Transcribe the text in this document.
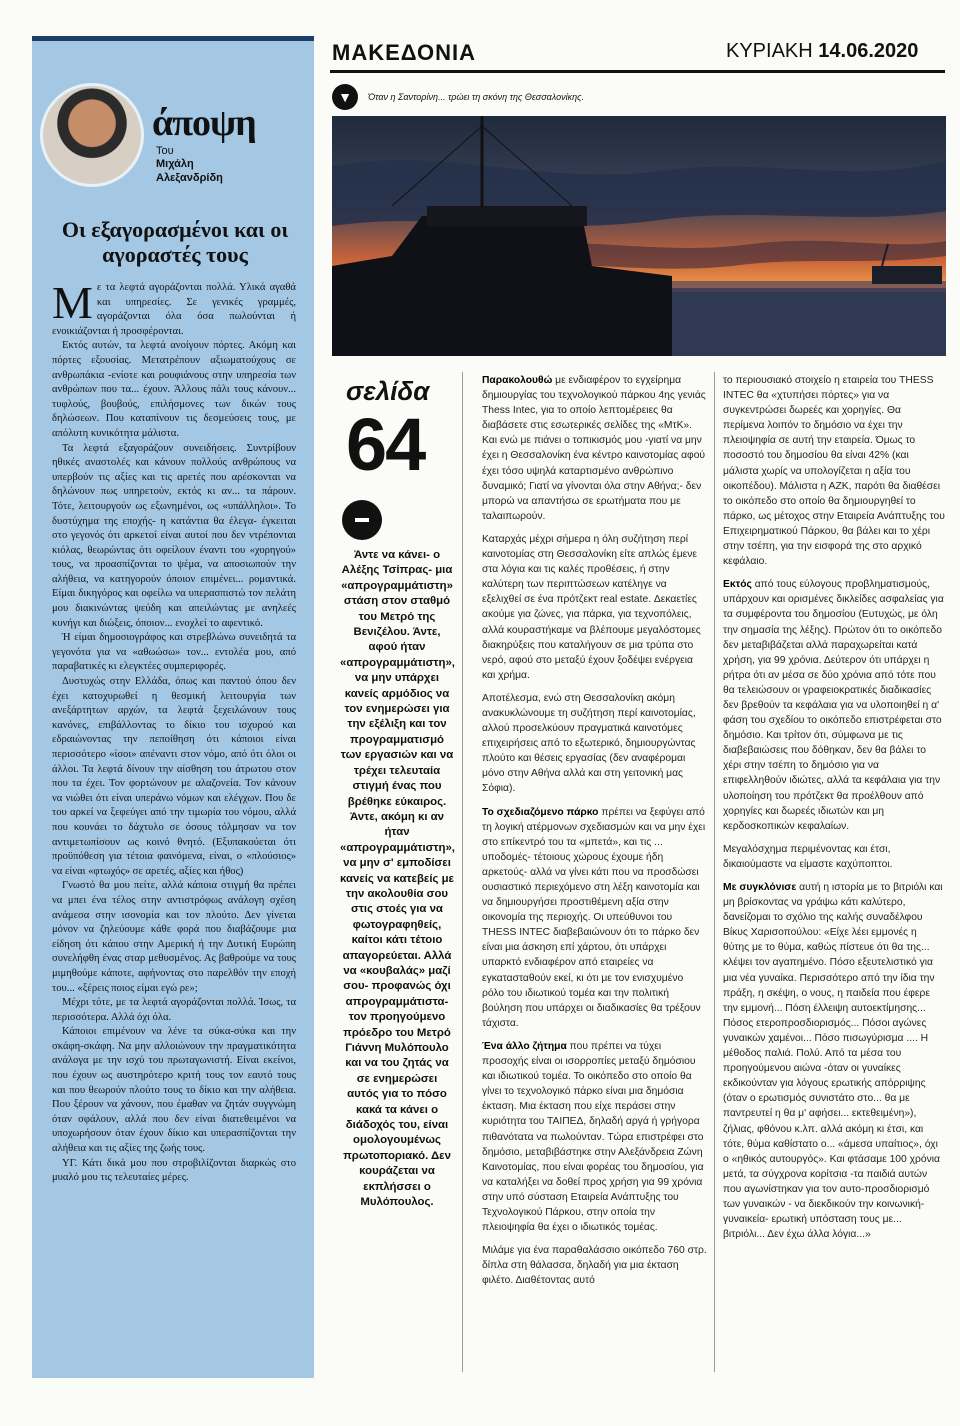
άποψη
Του
Μιχάλη
Αλεξανδρίδη
Οι εξαγορασμένοι και οι αγοραστές τους

Με τα λεφτά αγοράζονται πολλά. Υλικά αγαθά και υπηρεσίες. Σε γενικές γραμμές, αγοράζονται όλα όσα πωλούνται ή ενοικιάζονται ή προσφέρονται.

Εκτός αυτών, τα λεφτά ανοίγουν πόρτες. Ακόμη και πόρτες εξουσίας. Μετατρέπουν αξιωματούχους σε ανθρωπάκια -ενίοτε και ρουφιάνους στην υπηρεσία των ανθρώπων που τα... έχουν. Άλλους πάλι τους κάνουν... τυφλούς, βουβούς, επιλήσμονες των δικών τους δηλώσεων. Που καταπίνουν τις δεσμεύσεις τους, με απόλυτη κυνικότητα μάλιστα.

Τα λεφτά εξαγοράζουν συνειδήσεις. Συντρίβουν ηθικές αναστολές και κάνουν πολλούς ανθρώπους να υπερβούν τις αξίες και τις αρετές που αρέσκονται να δηλώνουν πως υπηρετούν, εκτός κι αν... τα πάρουν. Τότε, λειτουργούν ως εξωνημένοι, ως «υπάλληλοι». Το δυστύχημα της εποχής- η κατάντια θα έλεγα- έγκειται στο γεγονός ότι αρκετοί είναι αυτοί που δεν ντρέπονται κιόλας, θεωρώντας ότι οφείλουν έναντι του «χορηγού» τους, να προασπίζονται το ψέμα, να αποσιωπούν την αλήθεια, να κατηγορούν όποιον επιμένει... ρομαντικά. Είμαι δικηγόρος και οφείλω να υπερασπιστώ τον πελάτη μου διακινώντας ψεύδη και απειλώντας με ανηλεές κυνήγι και διώξεις, όποιον... ενοχλεί το αφεντικό.

Ή είμαι δημοσιογράφος και στρεβλώνω συνειδητά τα γεγονότα για να «αθωώσω» τον... εντολέα μου, από παραβατικές κι ελεγκτέες συμπεριφορές.

Δυστυχώς στην Ελλάδα, όπως και παντού όπου δεν έχει κατοχυρωθεί η θεσμική λειτουργία των ανεξάρτητων αρχών, τα λεφτά ξεχειλώνουν τους κανόνες, επιβάλλοντας το δίκιο του ισχυρού και εδραιώνοντας την πεποίθηση ότι κάποιοι είναι περισσότερο «ίσοι» απέναντι στον νόμο, από ότι όλοι οι άλλοι. Τα λεφτά δίνουν την αίσθηση του άτρωτου στον που τα έχει. Τον φορτώνουν με αλαζονεία. Τον κάνουν να νιώθει ότι είναι υπεράνω νόμων και ελέγχων. Που δε του αρκεί να ξεφεύγει από την τιμωρία του νόμου, αλλά που κουνάει το δάχτυλο σε όσους τόλμησαν να τον αντιμετωπίσουν ως κοινό θνητό. (Εξυπακούεται ότι προϋπόθεση για τέτοια φαινόμενα, είναι, ο «πλούσιος» να είναι «φτωχός» σε αρετές, αξίες και ήθος)

Γνωστό θα μου πείτε, αλλά κάποια στιγμή θα πρέπει να μπει ένα τέλος στην αντιστρόφως ανάλογη σχέση ανάμεσα στην ισονομία και τον πλούτο. Δεν γίνεται μόνον να ζηλεύουμε κάθε φορά που διαβάζουμε μια είδηση ότι κάπου στην Αμερική ή την Δυτική Ευρώπη συνελήφθη ένας σταρ μεθυσμένος. Ας βαθρούμε να τους μιμηθούμε κάποτε, αφήνοντας στο παρελθόν την εποχή του... «ξέρεις ποιος είμαι εγώ ρε»;

Μέχρι τότε, με τα λεφτά αγοράζονται πολλά. Ίσως, τα περισσότερα. Αλλά όχι όλα.

Κάποιοι επιμένουν να λένε τα σύκα-σύκα και την σκάφη-σκάφη. Να μην αλλοιώνουν την πραγματικότητα ανάλογα με την ισχύ του πρωταγωνιστή. Είναι εκείνοι, που έχουν ως αυστηρότερο κριτή τους τον εαυτό τους και που θεωρούν πλούτο τους το δίκιο και την αλήθεια. Που ξέρουν να χάνουν, που έμαθαν να ζητάν συγγνώμη όταν σφάλουν, αλλά που δεν είναι διατεθειμένοι να υποχωρήσουν όταν έχουν δίκιο και υπερασπίζονται την αλήθεια και τις αξίες της ζωής τους.

ΥΓ. Κάτι δικά μου που στροβιλίζονται διαρκώς στο μυαλό μου τις τελευταίες μέρες.

ΜΑΚΕΔΟΝΙΑ	ΚΥΡΙΑΚΗ 14.06.2020
▼	Όταν η Σαντορίνη... τρώει τη σκόνη της Θεσσαλονίκης.
σελίδα
64
Άντε να κάνει- ο Αλέξης Τσίπρας- μια «απρογραμμάτιστη» στάση στον σταθμό του Μετρό της Βενιζέλου. Άντε, αφού ήταν «απρογραμμάτιστη», να μην υπάρχει κανείς αρμόδιος να τον ενημερώσει για την εξέλιξη και τον προγραμματισμό των εργασιών και να τρέχει τελευταία στιγμή ένας που βρέθηκε εύκαιρος. Άντε, ακόμη κι αν ήταν «απρογραμμάτιστη», να μην σ' εμποδίσει κανείς να κατεβείς με την ακολουθία σου στις στοές για να φωτογραφηθείς, καίτοι κάτι τέτοιο απαγορεύεται. Αλλά να «κουβαλάς» μαζί σου- προφανώς όχι απρογραμμάτιστα- τον προηγούμενο πρόεδρο του Μετρό Γιάννη Μυλόπουλο και να του ζητάς να σε ενημερώσει αυτός για το πόσο κακά τα κάνει ο διάδοχός του, είναι ομολογουμένως πρωτοποριακό. Δεν κουράζεται να εκπλήσσει ο Μυλόπουλος.

Παρακολουθώ με ενδιαφέρον το εγχείρημα δημιουργίας του τεχνολογικού πάρκου 4ης γενιάς Thess Intec, για το οποίο λεπτομέρειες θα διαβάσετε στις εσωτερικές σελίδες της «ΜτΚ». Και ενώ με πιάνει ο τοπικισμός μου -γιατί να μην έχει η Θεσσαλονίκη ένα κέντρο καινοτομίας αφού έχει τόσο υψηλά καταρτισμένο ανθρώπινο δυναμικό; Γιατί να γίνονται όλα στην Αθήνα;- δεν μπορώ να απαντήσω σε ερωτήματα που με ταλαιπωρούν.

Καταρχάς μέχρι σήμερα η όλη συζήτηση περί καινοτομίας στη Θεσσαλονίκη είτε απλώς έμενε στα λόγια και τις καλές προθέσεις, ή στην καλύτερη των περιπτώσεων κατέληγε να εξελιχθεί σε ένα πρότζεκτ real estate. Δεκαετίες ακούμε για ζώνες, για πάρκα, για τεχνοπόλεις, αλλά κουραστήκαμε να βλέπουμε μεγαλόστομες διακηρύξεις που καταλήγουν σε μια τρύπα στο νερό, αφού στο μεταξύ έχουν ξοδέψει ενέργεια και χρήμα.

Αποτέλεσμα, ενώ στη Θεσσαλονίκη ακόμη ανακυκλώνουμε τη συζήτηση περί καινοτομίας, αλλού προσελκύουν πραγματικά καινοτόμες επιχειρήσεις από το εξωτερικό, δημιουργώντας πλούτο και θέσεις εργασίας (δεν αναφέρομαι μόνο στην Αθήνα αλλά και στη γειτονική μας Σόφια).

Το σχεδιαζόμενο πάρκο πρέπει να ξεφύγει από τη λογική ατέρμονων σχεδιασμών και να μην έχει στο επίκεντρό του τα «μπετά», και τις ... υποδομές- τέτοιους χώρους έχουμε ήδη αρκετούς- αλλά να γίνει κάτι που να προσδώσει ουσιαστικό περιεχόμενο στη λέξη καινοτομία και να δημιουργήσει προστιθέμενη αξία στην οικονομία της περιοχής. Οι υπεύθυνοι του THESS INTEC διαβεβαιώνουν ότι το πάρκο δεν είναι μια άσκηση επί χάρτου, ότι υπάρχει υπαρκτό ενδιαφέρον από εταιρείες να εγκατασταθούν εκεί, κι ότι με τον ενισχυμένο ρόλο του ιδιωτικού τομέα και την πολιτική βούληση που υπάρχει οι διαδικασίες θα τρέξουν τάχιστα.

Ένα άλλο ζήτημα που πρέπει να τύχει προσοχής είναι οι ισορροπίες μεταξύ δημόσιου και ιδιωτικού τομέα. Το οικόπεδο στο οποίο θα γίνει το τεχνολογικό πάρκο είναι μια δημόσια έκταση. Μια έκταση που είχε περάσει στην κυριότητα του ΤΑΙΠΕΔ, δηλαδή αργά ή γρήγορα πιθανότατα να πωλούνταν. Τώρα επιστρέφει στο δημόσιο, μεταβιβάστηκε στην Αλεξάνδρεια Ζώνη Καινοτομίας, που είναι φορέας του δημοσίου, για να καταλήξει να δοθεί προς χρήση για 99 χρόνια στην υπό σύσταση Εταιρεία Ανάπτυξης του Τεχνολογικού Πάρκου, στην οποία την πλειοψηφία θα έχει ο ιδιωτικός τομέας.

Μιλάμε για ένα παραθαλάσσιο οικόπεδο 760 στρ. δίπλα στη θάλασσα, δηλαδή για μια έκταση φιλέτο. Διαθέτοντας αυτό

το περιουσιακό στοιχείο η εταιρεία του THESS INTEC θα «χτυπήσει πόρτες» για να συγκεντρώσει δωρεές και χορηγίες. Θα περίμενα λοιπόν το δημόσιο να έχει την πλειοψηφία σε αυτή την εταιρεία. Όμως το ποσοστό του δημοσίου θα είναι 42% (και μάλιστα χωρίς να υπολογίζεται η αξία του οικοπέδου). Μάλιστα η ΑΖΚ, παρότι θα διαθέσει το οικόπεδο στο οποίο θα δημιουργηθεί το πάρκο, ως μέτοχος στην Εταιρεία Ανάπτυξης του Επιχειρηματικού Πάρκου, θα βάλει και το χέρι στην τσέπη, για την εισφορά της στο αρχικό κεφάλαιο.

Εκτός από τους εύλογους προβληματισμούς, υπάρχουν και ορισμένες δικλείδες ασφαλείας για τα συμφέροντα του δημοσίου (Ευτυχώς, με όλη την σημασία της λέξης). Πρώτον ότι το οικόπεδο δεν μεταβιβάζεται αλλά παραχωρείται κατά χρήση, για 99 χρόνια. Δεύτερον ότι υπάρχει η ρήτρα ότι αν μέσα σε δύο χρόνια από τότε που θα τελειώσουν οι γραφειοκρατικές διαδικασίες δεν βρεθούν τα κεφάλαια για να υλοποιηθεί η α' φάση του σχεδίου το οικόπεδο επιστρέφεται στο δημόσιο. Και τρίτον ότι, σύμφωνα με τις διαβεβαιώσεις που δόθηκαν, δεν θα βάλει το χέρι στην τσέπη το δημόσιο για να επιφελληθούν ιδιώτες, αλλά τα κεφάλαια για την υλοποίηση του πρότζεκτ θα προέλθουν από χορηγίες και δωρεές ιδιωτών και μη κερδοσκοπικών κεφαλαίων.

Μεγαλόσχημα περιμένοντας και έτσι, δικαιούμαστε να είμαστε καχύποπτοι.

Με συγκλόνισε αυτή η ιστορία με το βιτριόλι και μη βρίσκοντας να γράψω κάτι καλύτερο, δανείζομαι το σχόλιο της καλής συναδέλφου Βίκυς Χαρισοπούλου: «Είχε λέει εμμονές η θύτης με το θύμα, καθώς πίστευε ότι θα της... κλέψει τον αγαπημένο. Πόσο εξευτελιστικό για μια νέα γυναίκα. Περισσότερο από την ίδια την πράξη, η σκέψη, ο νους, η παιδεία που έφερε την εμμονή... Πόση έλλειψη αυτοεκτίμησης... Πόσος ετεροπροσδιορισμός... Πόσοι αγώνες γυναικών χαμένοι... Πόσο πισωγύρισμα .... Η μέθοδος παλιά. Πολύ. Από τα μέσα του προηγούμενου αιώνα -όταν οι γυναίκες εκδικούνταν για λόγους ερωτικής απόρριψης (όταν ο ερωτισμός συνιστάτο στο... θα με παντρευτεί η θα μ' αφήσει... εκτεθειμένη»), ζήλιας, φθόνου κ.λπ. αλλά ακόμη κι έτσι, και τότε, θύμα καθίστατο ο... «άμεσα υπαίτιος», όχι ο «ηθικός αυτουργός». Και φτάσαμε 100 χρόνια μετά, τα σύγχρονα κορίτσια -τα παιδιά αυτών που αγωνίστηκαν για τον αυτο-προσδιορισμό των γυναικών - να διεκδικούν την κοινωνική- γυναικεία- ερωτική υπόσταση τους με... βιτριόλι... Δεν έχω άλλα λόγια...»
